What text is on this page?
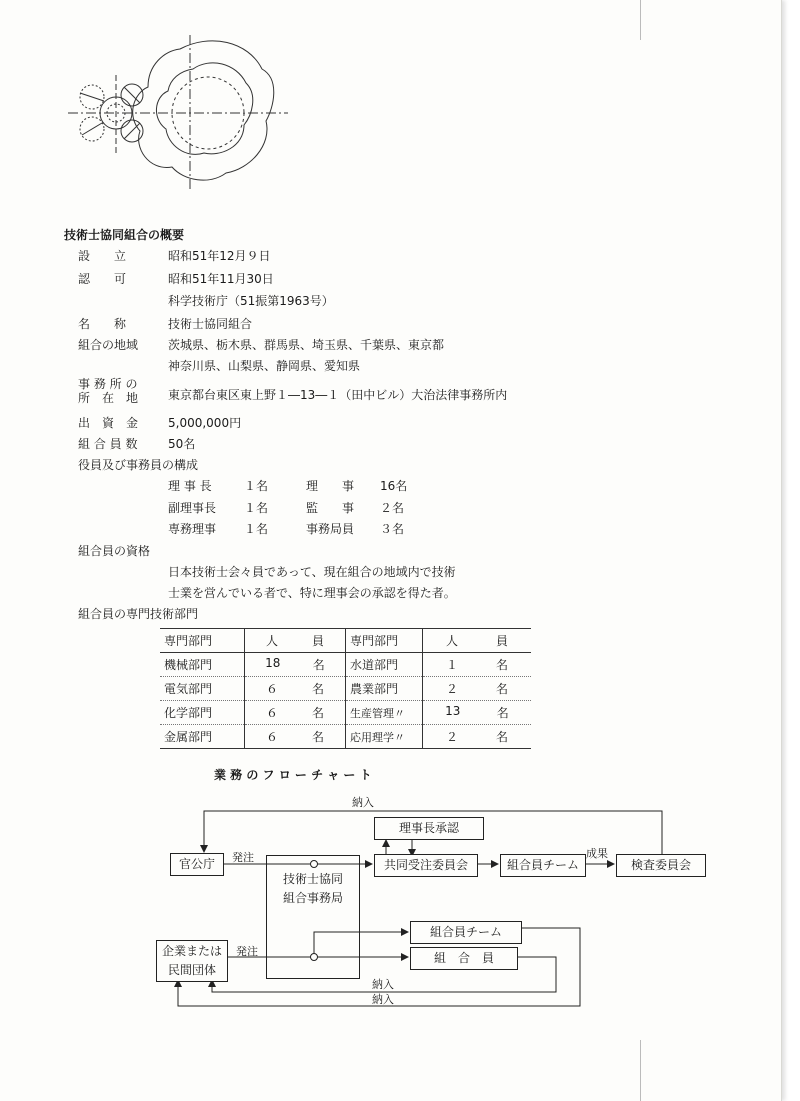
技術士協同組合の概要
設　　立	昭和51年12月９日
認　　可	昭和51年11月30日
科学技術庁（51振第1963号）
名　　称	技術士協同組合
組合の地域 茨城県、栃木県、群馬県、埼玉県、千葉県、東京都
神奈川県、山梨県、静岡県、愛知県
事 務 所 の
所　在　地 東京都台東区東上野１―13―１（田中ビル）大治法律事務所内
出　資　金 5,000,000円
組 合 員 数	50名
役員及び事務員の構成
理 事 長	１名	理　　事 16名
副理事長 １名	監　　事 ２名
専務理事 １名	事務局員 ３名
組合員の資格
日本技術士会々員であって、現在組合の地域内で技術
士業を営んでいる者で、特に理事会の承認を得た者。
組合員の専門技術部門
専門部門	人 員	専門部門	人 員

機械部門	18 名	水道部門	１ 名

電気部門	６ 名	農業部門	２ 名

化学部門	６ 名	生産管理〃	13 名

金属部門	６ 名	応用理学〃	２ 名
業 務 の フ ロ ー チ ャ ー ト
納入
官公庁	発注
技術士協同
組合事務局
理事長承認
共同受注委員会	組合員チーム
成果
検査委員会
企業または
民間団体
発注
組合員チーム
組　合　員
納入
納入
